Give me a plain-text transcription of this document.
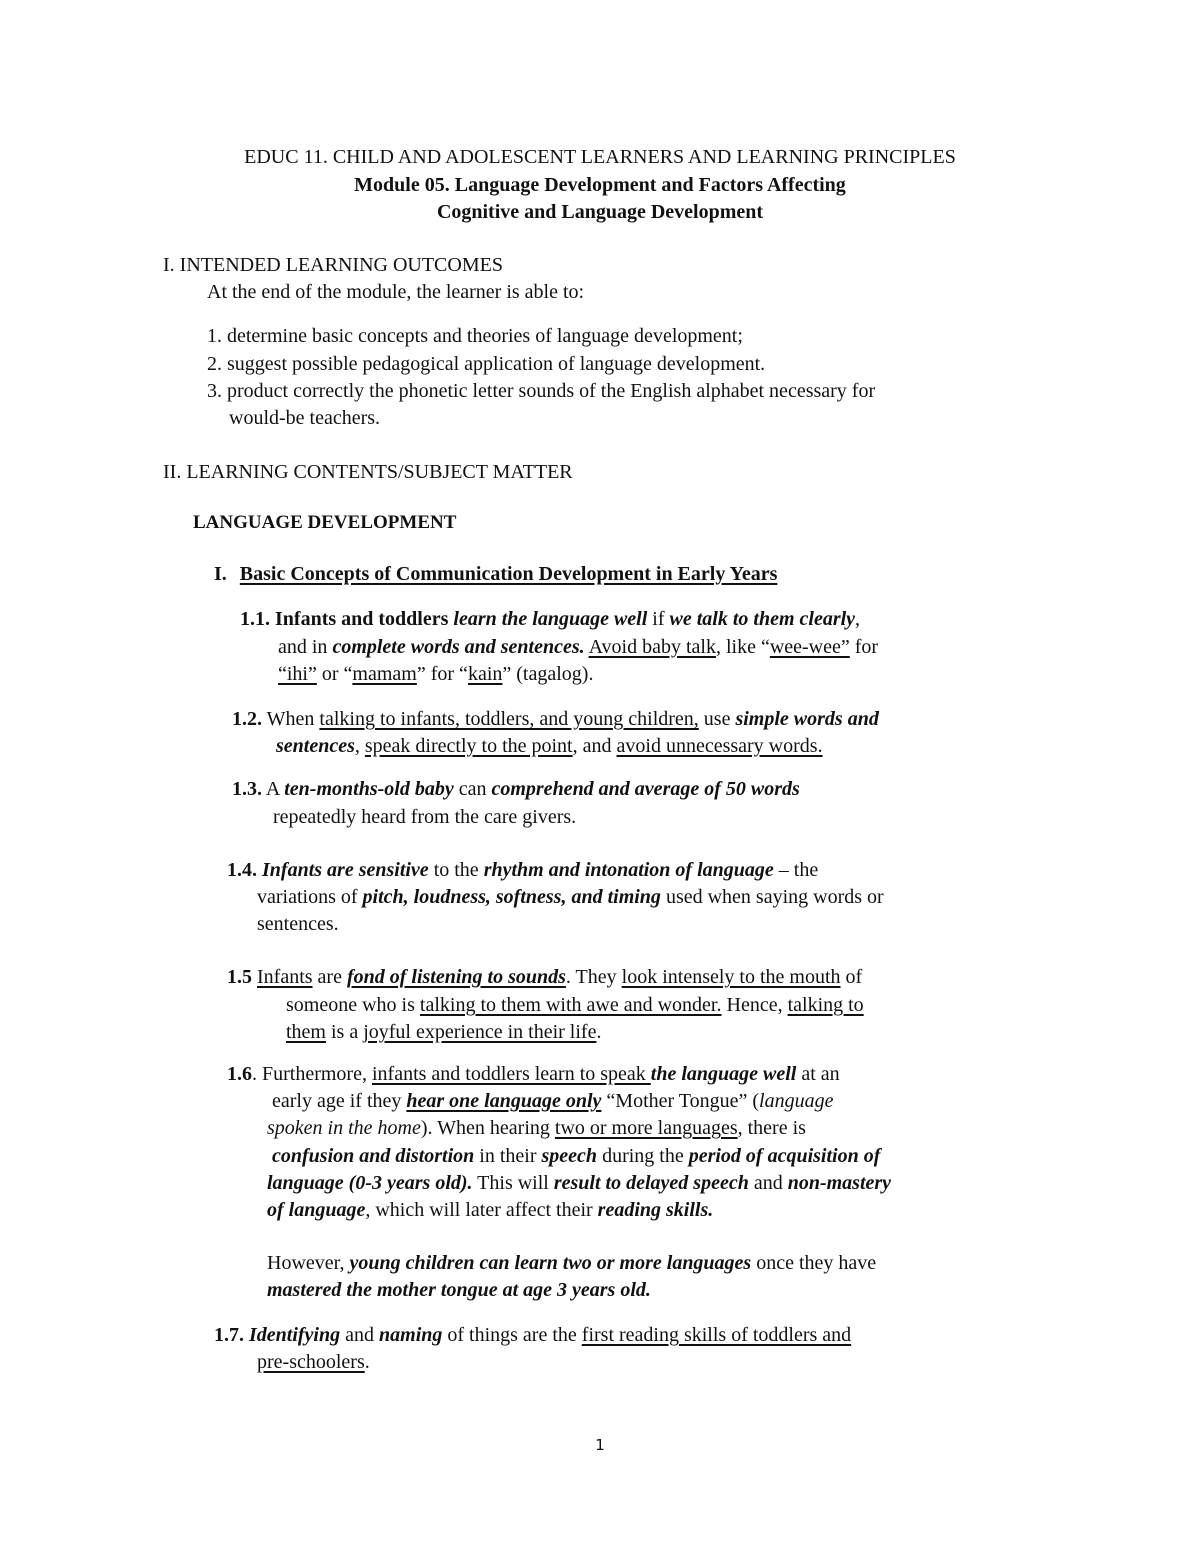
EDUC 11. CHILD AND ADOLESCENT LEARNERS AND LEARNING PRINCIPLES
Module 05. Language Development and Factors Affecting
Cognitive and Language Development
I. INTENDED LEARNING OUTCOMES
At the end of the module, the learner is able to:
1. determine basic concepts and theories of language development;
2. suggest possible pedagogical application of language development.
3. product correctly the phonetic letter sounds of the English alphabet necessary for
would-be teachers.
II. LEARNING CONTENTS/SUBJECT MATTER
LANGUAGE DEVELOPMENT
I. Basic Concepts of Communication Development in Early Years
1.1. Infants and toddlers learn the language well if we talk to them clearly,
and in complete words and sentences. Avoid baby talk, like “wee-wee” for
“ihi” or “mamam” for “kain” (tagalog).
1.2. When talking to infants, toddlers, and young children, use simple words and
sentences, speak directly to the point, and avoid unnecessary words.
1.3. A ten-months-old baby can comprehend and average of 50 words
repeatedly heard from the care givers.
1.4. Infants are sensitive to the rhythm and intonation of language – the
variations of pitch, loudness, softness, and timing used when saying words or
sentences.
1.5 Infants are fond of listening to sounds. They look intensely to the mouth of
someone who is talking to them with awe and wonder. Hence, talking to
them is a joyful experience in their life.
1.6. Furthermore, infants and toddlers learn to speak the language well at an
early age if they hear one language only “Mother Tongue” (language
spoken in the home). When hearing two or more languages, there is
confusion and distortion in their speech during the period of acquisition of
language (0-3 years old). This will result to delayed speech and non-mastery
of language, which will later affect their reading skills.
However, young children can learn two or more languages once they have
mastered the mother tongue at age 3 years old.
1.7. Identifying and naming of things are the first reading skills of toddlers and
pre-schoolers.
1
